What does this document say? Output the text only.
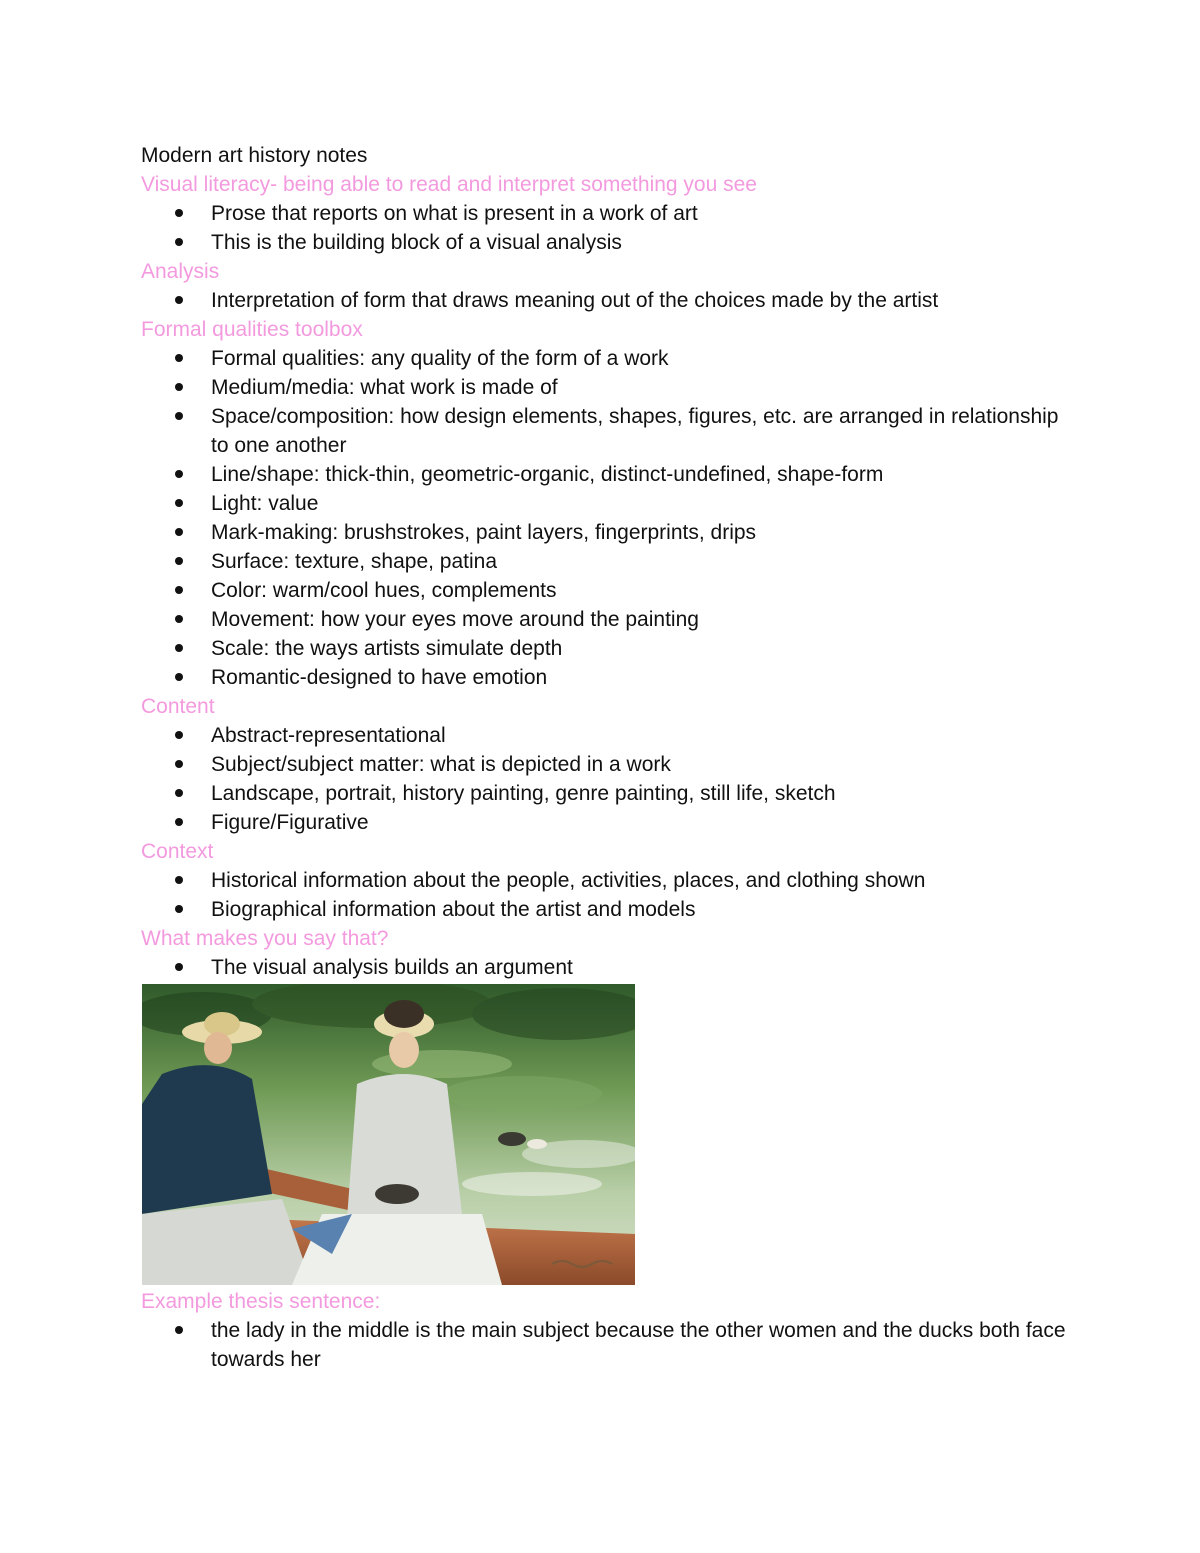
Modern art history notes
Visual literacy- being able to read and interpret something you see
Prose that reports on what is present in a work of art
This is the building block of a visual analysis
Analysis
Interpretation of form that draws meaning out of the choices made by the artist
Formal qualities toolbox
Formal qualities: any quality of the form of a work
Medium/media: what work is made of
Space/composition: how design elements, shapes, figures, etc. are arranged in relationship to one another
Line/shape: thick-thin, geometric-organic, distinct-undefined, shape-form
Light: value
Mark-making: brushstrokes, paint layers, fingerprints, drips
Surface: texture, shape, patina
Color: warm/cool hues, complements
Movement: how your eyes move around the painting
Scale: the ways artists simulate depth
Romantic-designed to have emotion
Content
Abstract-representational
Subject/subject matter: what is depicted in a work
Landscape, portrait, history painting, genre painting, still life, sketch
Figure/Figurative
Context
Historical information about the people, activities, places, and clothing shown
Biographical information about the artist and models
What makes you say that?
The visual analysis builds an argument
Example thesis sentence:
the lady in the middle is the main subject because the other women and the ducks both face towards her
